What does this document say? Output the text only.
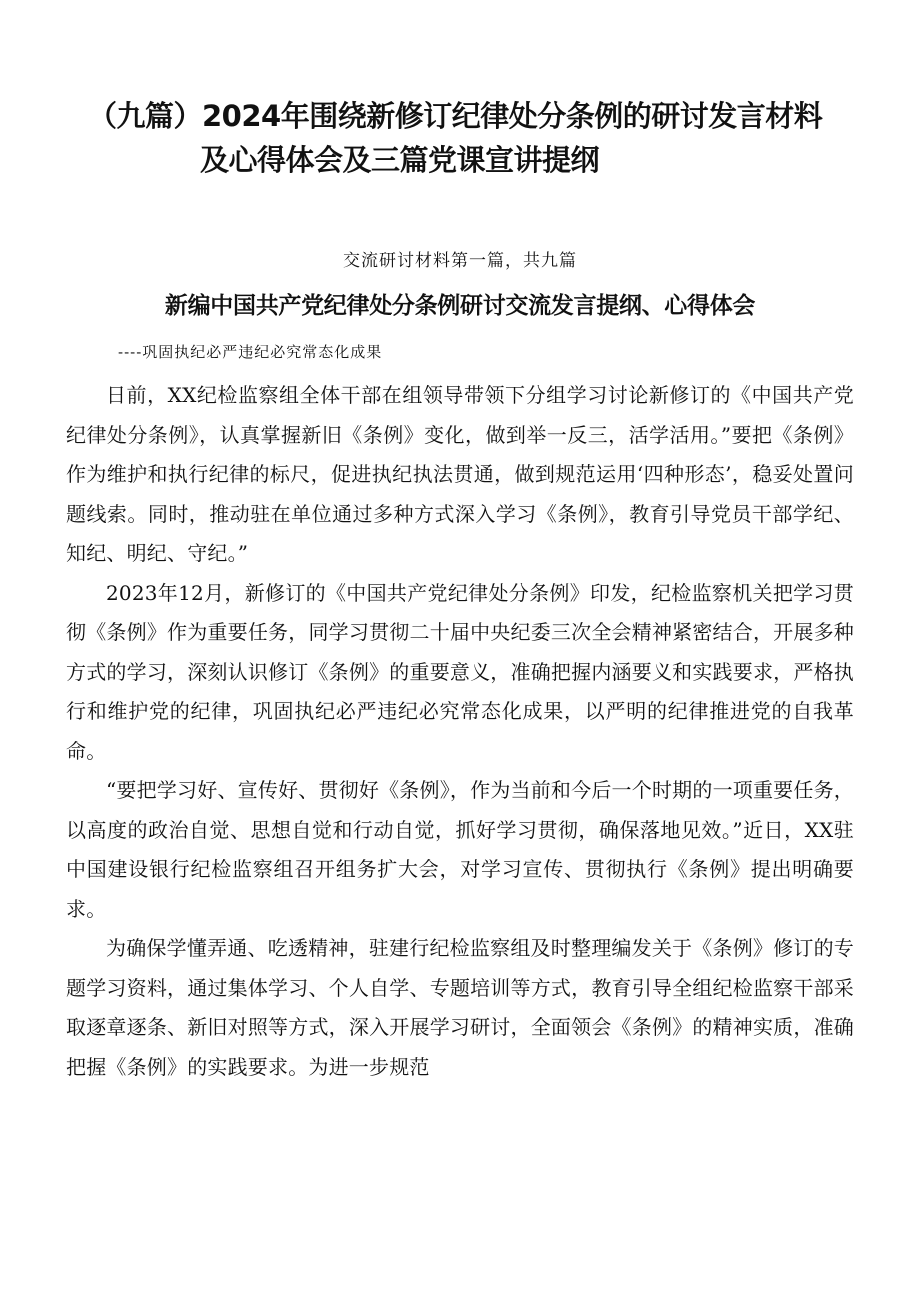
（九篇）2024年围绕新修订纪律处分条例的研讨发言材料
及心得体会及三篇党课宣讲提纲
交流研讨材料第一篇，共九篇
新编中国共产党纪律处分条例研讨交流发言提纲、心得体会
----巩固执纪必严违纪必究常态化成果

日前，XX纪检监察组全体干部在组领导带领下分组学习讨论新修订的《中国共产党纪律处分条例》，认真掌握新旧《条例》变化，做到举一反三，活学活用。”要把《条例》作为维护和执行纪律的标尺，促进执纪执法贯通，做到规范运用‘四种形态’，稳妥处置问题线索。同时，推动驻在单位通过多种方式深入学习《条例》，教育引导党员干部学纪、知纪、明纪、守纪。”

2023年12月，新修订的《中国共产党纪律处分条例》印发，纪检监察机关把学习贯彻《条例》作为重要任务，同学习贯彻二十届中央纪委三次全会精神紧密结合，开展多种方式的学习，深刻认识修订《条例》的重要意义，准确把握内涵要义和实践要求，严格执行和维护党的纪律，巩固执纪必严违纪必究常态化成果，以严明的纪律推进党的自我革命。

“要把学习好、宣传好、贯彻好《条例》，作为当前和今后一个时期的一项重要任务，以高度的政治自觉、思想自觉和行动自觉，抓好学习贯彻，确保落地见效。”近日，XX驻中国建设银行纪检监察组召开组务扩大会，对学习宣传、贯彻执行《条例》提出明确要求。

为确保学懂弄通、吃透精神，驻建行纪检监察组及时整理编发关于《条例》修订的专题学习资料，通过集体学习、个人自学、专题培训等方式，教育引导全组纪检监察干部采取逐章逐条、新旧对照等方式，深入开展学习研讨，全面领会《条例》的精神实质，准确把握《条例》的实践要求。为进一步规范
